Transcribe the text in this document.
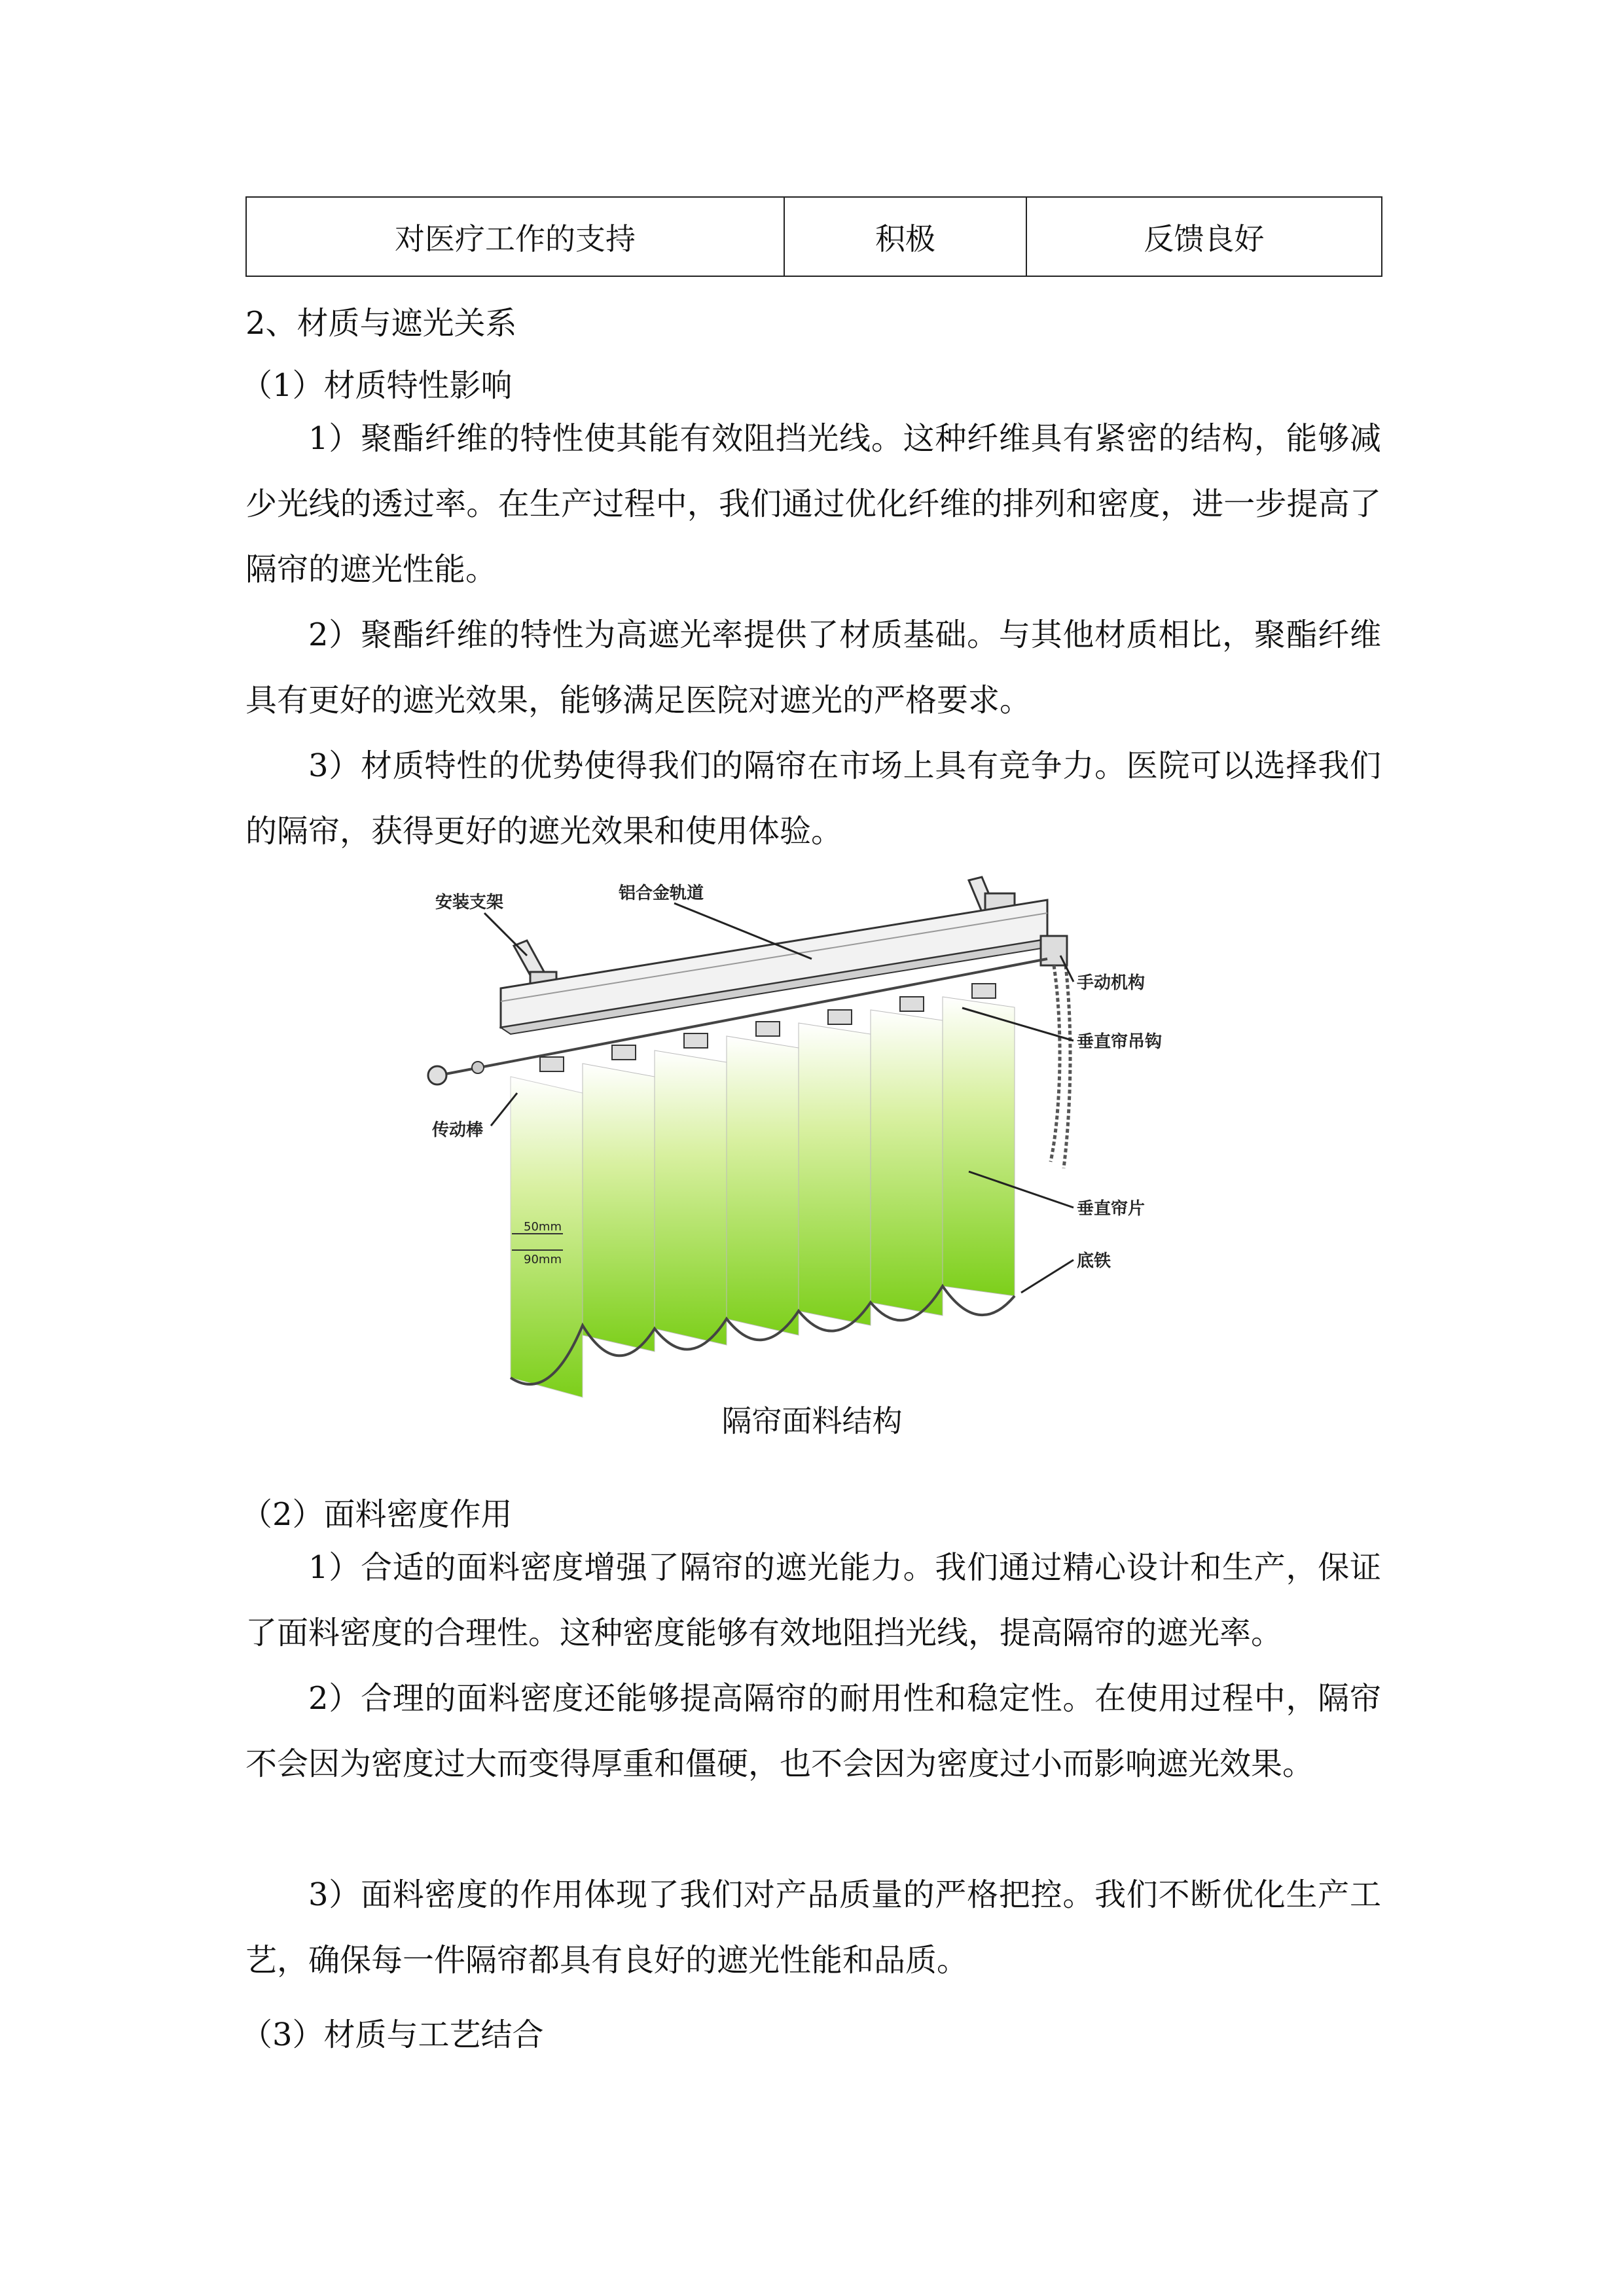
对医疗工作的支持	积极	反馈良好
2、材质与遮光关系
（1）材质特性影响

1）聚酯纤维的特性使其能有效阻挡光线。这种纤维具有紧密的结构，能够减少光线的透过率。在生产过程中，我们通过优化纤维的排列和密度，进一步提高了隔帘的遮光性能。

2）聚酯纤维的特性为高遮光率提供了材质基础。与其他材质相比，聚酯纤维具有更好的遮光效果，能够满足医院对遮光的严格要求。

3）材质特性的优势使得我们的隔帘在市场上具有竞争力。医院可以选择我们的隔帘，获得更好的遮光效果和使用体验。

50mm
90mm
安装支架	铝合金轨道
手动机构
垂直帘吊钩
传动棒
垂直帘片
底铁
隔帘面料结构
（2）面料密度作用

1）合适的面料密度增强了隔帘的遮光能力。我们通过精心设计和生产，保证了面料密度的合理性。这种密度能够有效地阻挡光线，提高隔帘的遮光率。

2）合理的面料密度还能够提高隔帘的耐用性和稳定性。在使用过程中，隔帘不会因为密度过大而变得厚重和僵硬，也不会因为密度过小而影响遮光效果。

3）面料密度的作用体现了我们对产品质量的严格把控。我们不断优化生产工艺，确保每一件隔帘都具有良好的遮光性能和品质。

（3）材质与工艺结合
